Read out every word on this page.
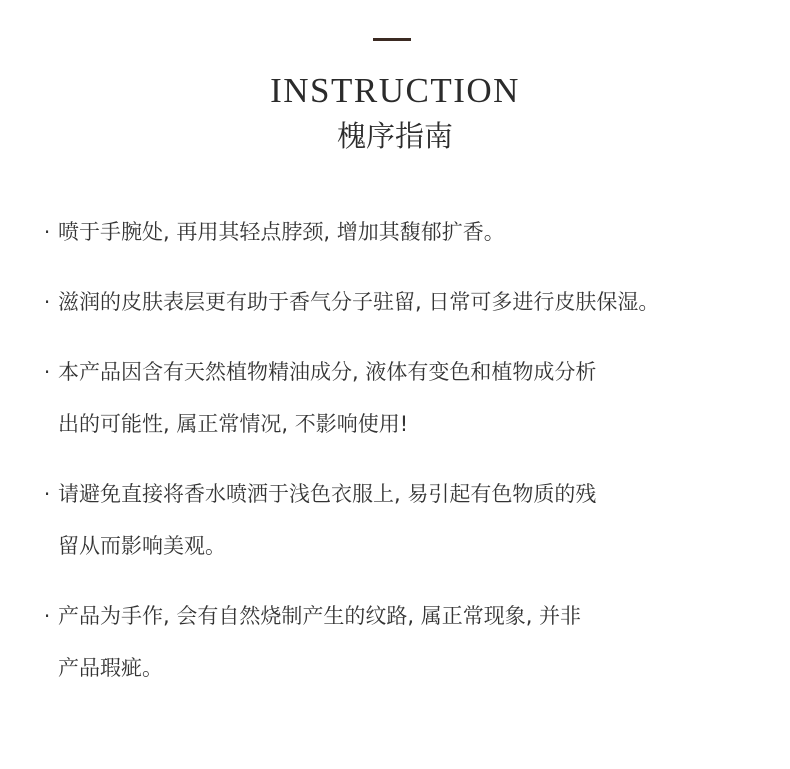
INSTRUCTION
槐序指南
· 喷于手腕处, 再用其轻点脖颈, 增加其馥郁扩香。
· 滋润的皮肤表层更有助于香气分子驻留, 日常可多进行皮肤保湿。
· 本产品因含有天然植物精油成分, 液体有变色和植物成分析
出的可能性, 属正常情况, 不影响使用!
· 请避免直接将香水喷洒于浅色衣服上, 易引起有色物质的残
留从而影响美观。
· 产品为手作, 会有自然烧制产生的纹路, 属正常现象, 并非
产品瑕疵。
